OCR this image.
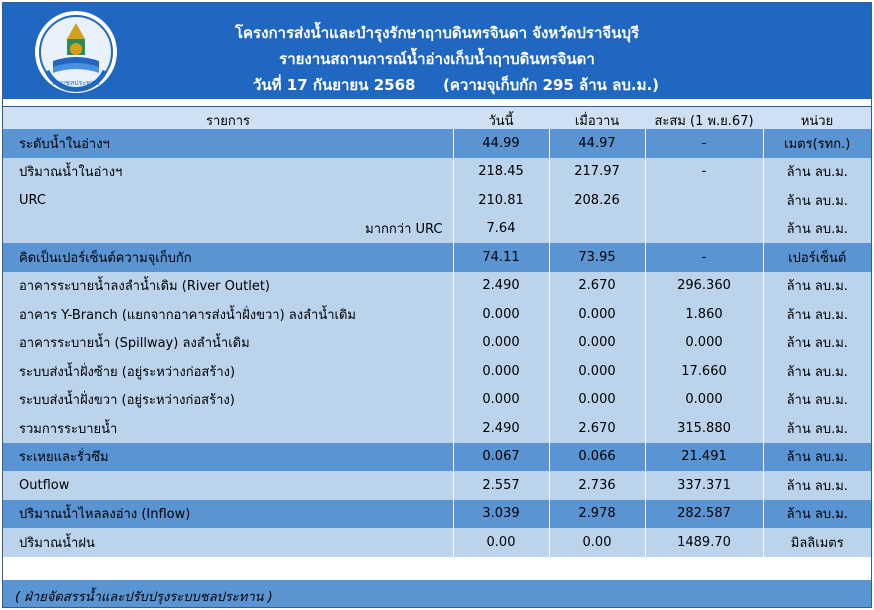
กรมชลประทาน
โครงการส่งน้ำและบำรุงรักษาฤาบดินทรจินดา จังหวัดปราจีนบุรี
รายงานสถานการณ์น้ำอ่างเก็บน้ำฤาบดินทรจินดา
วันที่ 17 กันยายน 2568 (ความจุเก็บกัก 295 ล้าน ลบ.ม.)
รายการ	วันนี้	เมื่อวาน	สะสม (1 พ.ย.67)	หน่วย
ระดับน้ำในอ่างฯ	44.99	44.97	-	เมตร(รทก.)
ปริมาณน้ำในอ่างฯ	218.45	217.97	-	ล้าน ลบ.ม.
URC	210.81	208.26		ล้าน ลบ.ม.
มากกว่า URC	7.64			ล้าน ลบ.ม.
คิดเป็นเปอร์เซ็นต์ความจุเก็บกัก	74.11	73.95	-	เปอร์เซ็นต์
อาคารระบายน้ำลงลำน้ำเดิม (River Outlet)	2.490	2.670	296.360	ล้าน ลบ.ม.
อาคาร Y-Branch (แยกจากอาคารส่งน้ำฝั่งขวา) ลงลำน้ำเดิม	0.000	0.000	1.860	ล้าน ลบ.ม.
อาคารระบายน้ำ (Spillway) ลงลำน้ำเดิม	0.000	0.000	0.000	ล้าน ลบ.ม.
ระบบส่งน้ำฝั่งซ้าย (อยู่ระหว่างก่อสร้าง)	0.000	0.000	17.660	ล้าน ลบ.ม.
ระบบส่งน้ำฝั่งขวา (อยู่ระหว่างก่อสร้าง)	0.000	0.000	0.000	ล้าน ลบ.ม.
รวมการระบายน้ำ	2.490	2.670	315.880	ล้าน ลบ.ม.
ระเหยและรั่วซึม	0.067	0.066	21.491	ล้าน ลบ.ม.
Outflow	2.557	2.736	337.371	ล้าน ลบ.ม.
ปริมาณน้ำไหลลงอ่าง (Inflow)	3.039	2.978	282.587	ล้าน ลบ.ม.
ปริมาณน้ำฝน	0.00	0.00	1489.70	มิลลิเมตร
( ฝ่ายจัดสรรน้ำและปรับปรุงระบบชลประทาน )
